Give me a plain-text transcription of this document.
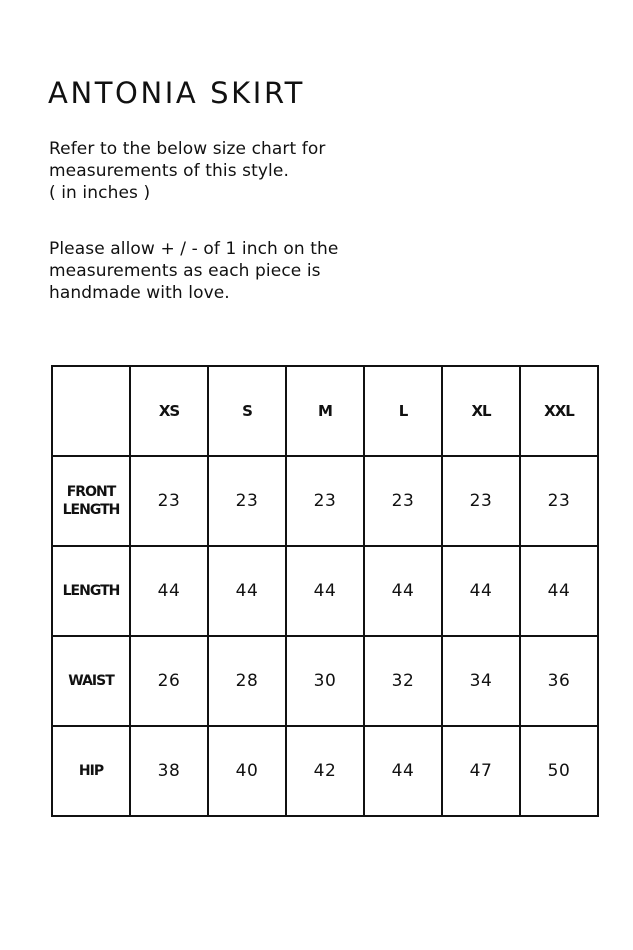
ANTONIA SKIRT
Refer to the below size chart for
measurements of this style.
( in inches )
Please allow + / - of 1 inch on the
measurements as each piece is
handmade with love.
	XS	S	M	L	XL	XXL

FRONT
LENGTH	23	23	23	23	23	23

LENGTH	44	44	44	44	44	44

WAIST	26	28	30	32	34	36

HIP	38	40	42	44	47	50
